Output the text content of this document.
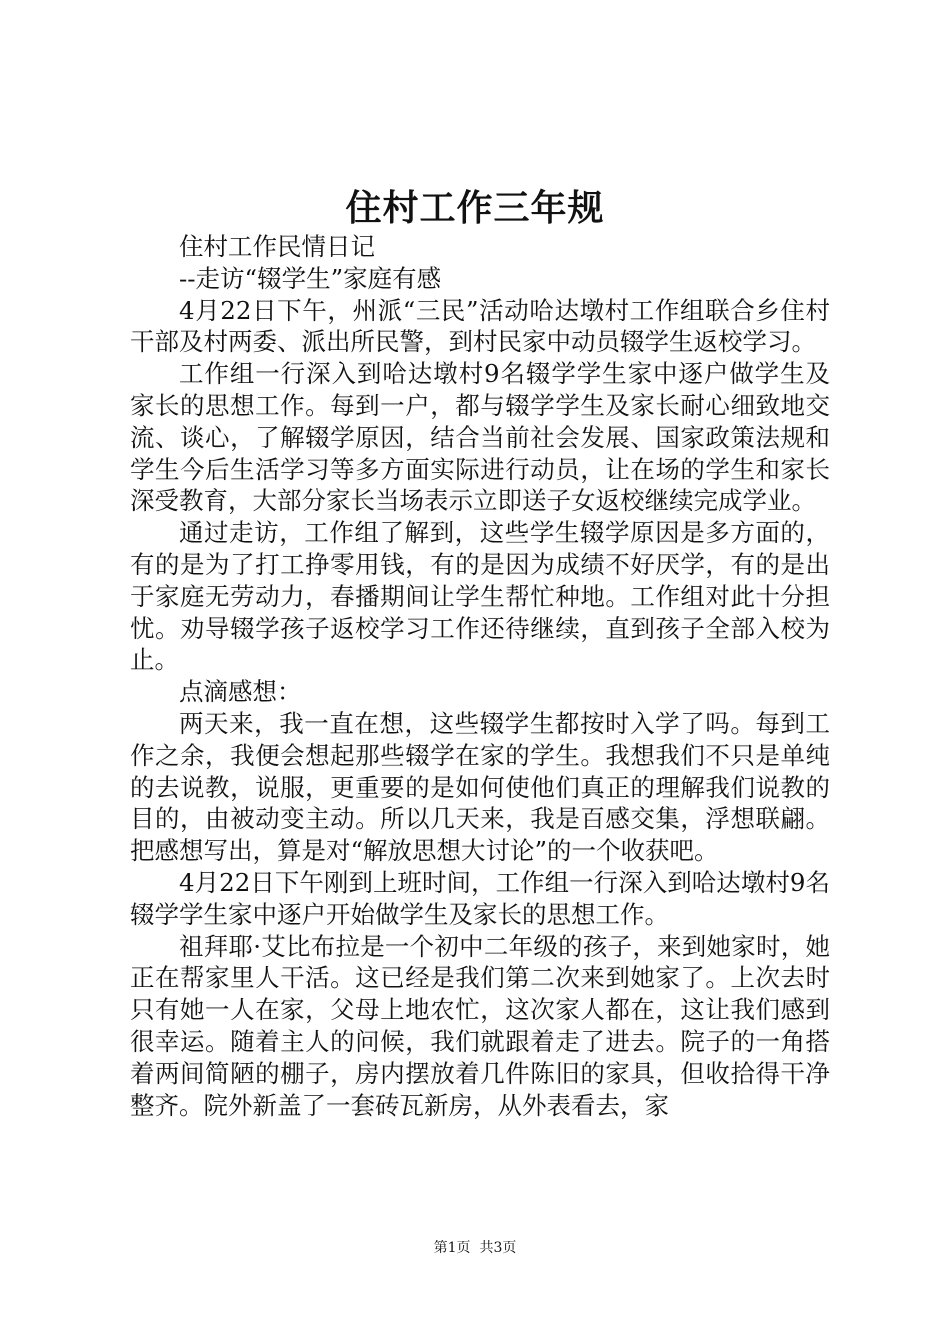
住村工作三年规

住村工作民情日记

--走访“辍学生”家庭有感

4月22日下午，州派“三民”活动哈达墩村工作组联合乡住村干部及村两委、派出所民警，到村民家中动员辍学生返校学习。

工作组一行深入到哈达墩村9名辍学学生家中逐户做学生及家长的思想工作。每到一户，都与辍学学生及家长耐心细致地交流、谈心，了解辍学原因，结合当前社会发展、国家政策法规和学生今后生活学习等多方面实际进行动员，让在场的学生和家长深受教育，大部分家长当场表示立即送子女返校继续完成学业。

通过走访，工作组了解到，这些学生辍学原因是多方面的，有的是为了打工挣零用钱，有的是因为成绩不好厌学，有的是出于家庭无劳动力，春播期间让学生帮忙种地。工作组对此十分担忧。劝导辍学孩子返校学习工作还待继续，直到孩子全部入校为止。

点滴感想：

两天来，我一直在想，这些辍学生都按时入学了吗。每到工作之余，我便会想起那些辍学在家的学生。我想我们不只是单纯的去说教，说服，更重要的是如何使他们真正的理解我们说教的目的，由被动变主动。所以几天来，我是百感交集，浮想联翩。把感想写出，算是对“解放思想大讨论”的一个收获吧。

4月22日下午刚到上班时间，工作组一行深入到哈达墩村9名辍学学生家中逐户开始做学生及家长的思想工作。

祖拜耶·艾比布拉是一个初中二年级的孩子，来到她家时，她正在帮家里人干活。这已经是我们第二次来到她家了。上次去时只有她一人在家，父母上地农忙，这次家人都在，这让我们感到很幸运。随着主人的问候，我们就跟着走了进去。院子的一角搭着两间简陋的棚子，房内摆放着几件陈旧的家具，但收拾得干净整齐。院外新盖了一套砖瓦新房，从外表看去，家

第1页 共3页
